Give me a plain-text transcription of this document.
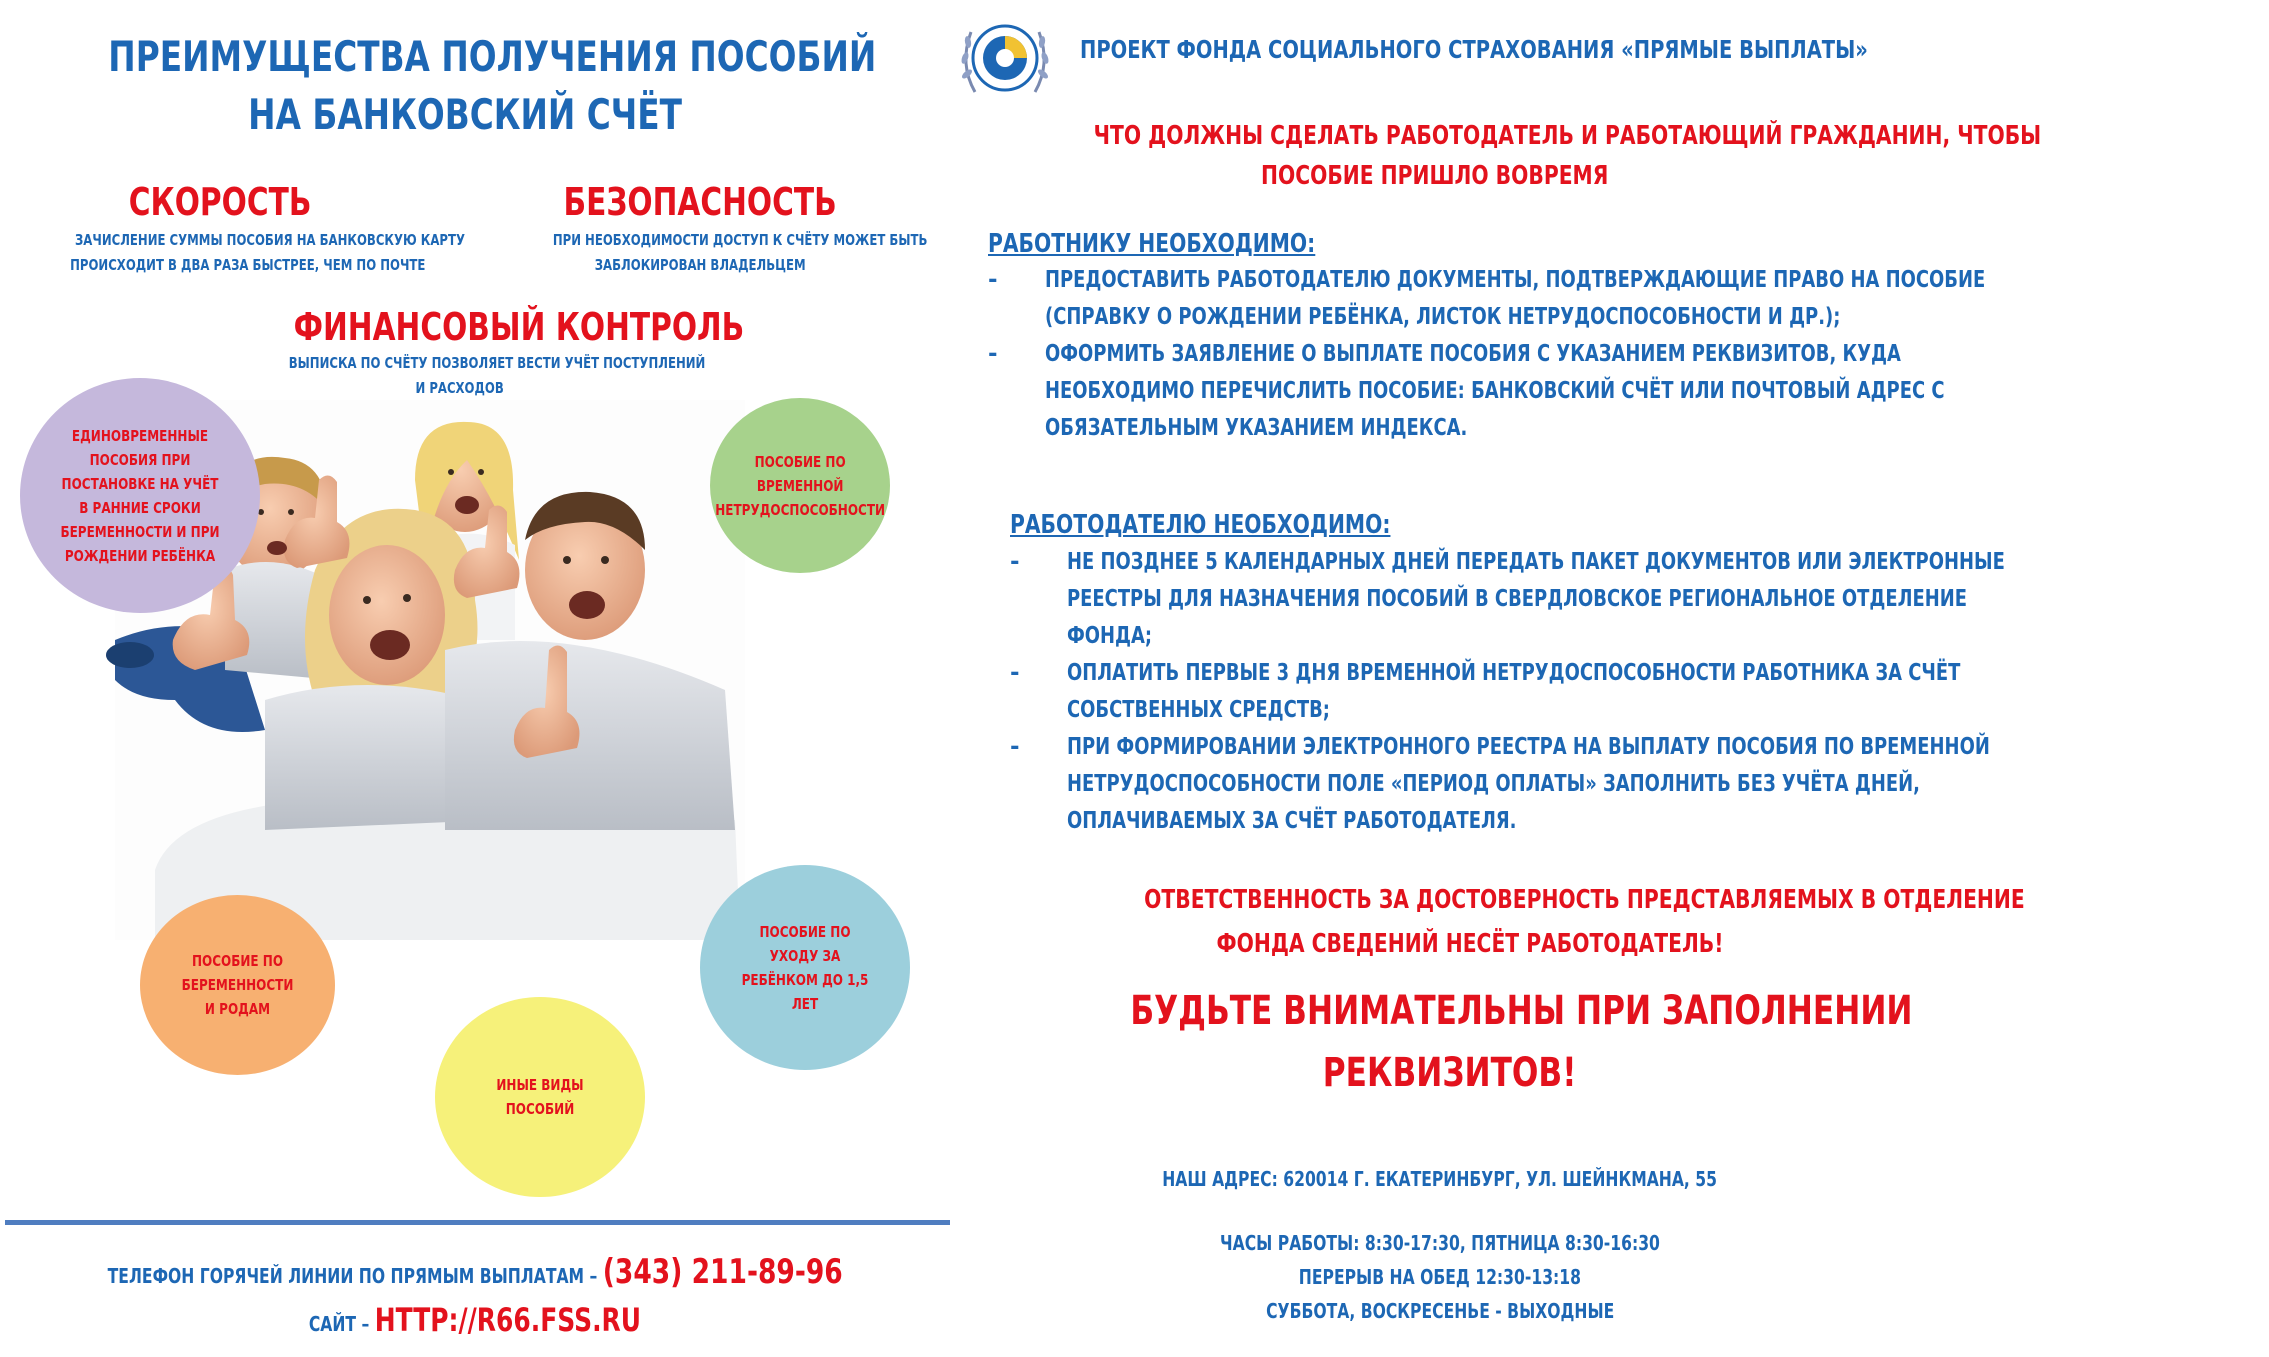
ПРЕИМУЩЕСТВА ПОЛУЧЕНИЯ ПОСОБИЙ
НА БАНКОВСКИЙ СЧЁТ
СКОРОСТЬ
ЗАЧИСЛЕНИЕ СУММЫ ПОСОБИЯ НА БАНКОВСКУЮ КАРТУ
ПРОИСХОДИТ В ДВА РАЗА БЫСТРЕЕ, ЧЕМ ПО ПОЧТЕ
БЕЗОПАСНОСТЬ
ПРИ НЕОБХОДИМОСТИ ДОСТУП К СЧЁТУ МОЖЕТ БЫТЬ
ЗАБЛОКИРОВАН ВЛАДЕЛЬЦЕМ
ФИНАНСОВЫЙ КОНТРОЛЬ
ВЫПИСКА ПО СЧЁТУ ПОЗВОЛЯЕТ ВЕСТИ УЧЁТ ПОСТУПЛЕНИЙ
И РАСХОДОВ
ЕДИНОВРЕМЕННЫЕ ПОСОБИЯ ПРИ ПОСТАНОВКЕ НА УЧЁТ В РАННИЕ СРОКИ БЕРЕМЕННОСТИ И ПРИ РОЖДЕНИИ РЕБЁНКА
ПОСОБИЕ ПО ВРЕМЕННОЙ НЕТРУДОСПОСОБНОСТИ
ПОСОБИЕ ПО БЕРЕМЕННОСТИ И РОДАМ
ПОСОБИЕ ПО УХОДУ ЗА РЕБЁНКОМ ДО 1,5 ЛЕТ
ИНЫЕ ВИДЫ ПОСОБИЙ
ТЕЛЕФОН ГОРЯЧЕЙ ЛИНИИ ПО ПРЯМЫМ ВЫПЛАТАМ – (343) 211-89-96
САЙТ – HTTP://R66.FSS.RU
ПРОЕКТ ФОНДА СОЦИАЛЬНОГО СТРАХОВАНИЯ «ПРЯМЫЕ ВЫПЛАТЫ»
ЧТО ДОЛЖНЫ СДЕЛАТЬ РАБОТОДАТЕЛЬ И РАБОТАЮЩИЙ ГРАЖДАНИН, ЧТОБЫ
ПОСОБИЕ ПРИШЛО ВОВРЕМЯ
РАБОТНИКУ НЕОБХОДИМО:
- ПРЕДОСТАВИТЬ РАБОТОДАТЕЛЮ ДОКУМЕНТЫ, ПОДТВЕРЖДАЮЩИЕ ПРАВО НА ПОСОБИЕ
(СПРАВКУ О РОЖДЕНИИ РЕБЁНКА, ЛИСТОК НЕТРУДОСПОСОБНОСТИ И ДР.);
- ОФОРМИТЬ ЗАЯВЛЕНИЕ О ВЫПЛАТЕ ПОСОБИЯ С УКАЗАНИЕМ РЕКВИЗИТОВ, КУДА
НЕОБХОДИМО ПЕРЕЧИСЛИТЬ ПОСОБИЕ: БАНКОВСКИЙ СЧЁТ ИЛИ ПОЧТОВЫЙ АДРЕС С
ОБЯЗАТЕЛЬНЫМ УКАЗАНИЕМ ИНДЕКСА.
РАБОТОДАТЕЛЮ НЕОБХОДИМО:
- НЕ ПОЗДНЕЕ 5 КАЛЕНДАРНЫХ ДНЕЙ ПЕРЕДАТЬ ПАКЕТ ДОКУМЕНТОВ ИЛИ ЭЛЕКТРОННЫЕ
РЕЕСТРЫ ДЛЯ НАЗНАЧЕНИЯ ПОСОБИЙ В СВЕРДЛОВСКОЕ РЕГИОНАЛЬНОЕ ОТДЕЛЕНИЕ
ФОНДА;
- ОПЛАТИТЬ ПЕРВЫЕ 3 ДНЯ ВРЕМЕННОЙ НЕТРУДОСПОСОБНОСТИ РАБОТНИКА ЗА СЧЁТ
СОБСТВЕННЫХ СРЕДСТВ;
- ПРИ ФОРМИРОВАНИИ ЭЛЕКТРОННОГО РЕЕСТРА НА ВЫПЛАТУ ПОСОБИЯ ПО ВРЕМЕННОЙ
НЕТРУДОСПОСОБНОСТИ ПОЛЕ «ПЕРИОД ОПЛАТЫ» ЗАПОЛНИТЬ БЕЗ УЧЁТА ДНЕЙ,
ОПЛАЧИВАЕМЫХ ЗА СЧЁТ РАБОТОДАТЕЛЯ.
ОТВЕТСТВЕННОСТЬ ЗА ДОСТОВЕРНОСТЬ ПРЕДСТАВЛЯЕМЫХ В ОТДЕЛЕНИЕ
ФОНДА СВЕДЕНИЙ НЕСЁТ РАБОТОДАТЕЛЬ!
БУДЬТЕ ВНИМАТЕЛЬНЫ ПРИ ЗАПОЛНЕНИИ
РЕКВИЗИТОВ!
НАШ АДРЕС: 620014 Г. ЕКАТЕРИНБУРГ, УЛ. ШЕЙНКМАНА, 55
ЧАСЫ РАБОТЫ: 8:30-17:30, ПЯТНИЦА 8:30-16:30
ПЕРЕРЫВ НА ОБЕД 12:30-13:18
СУББОТА, ВОСКРЕСЕНЬЕ - ВЫХОДНЫЕ
